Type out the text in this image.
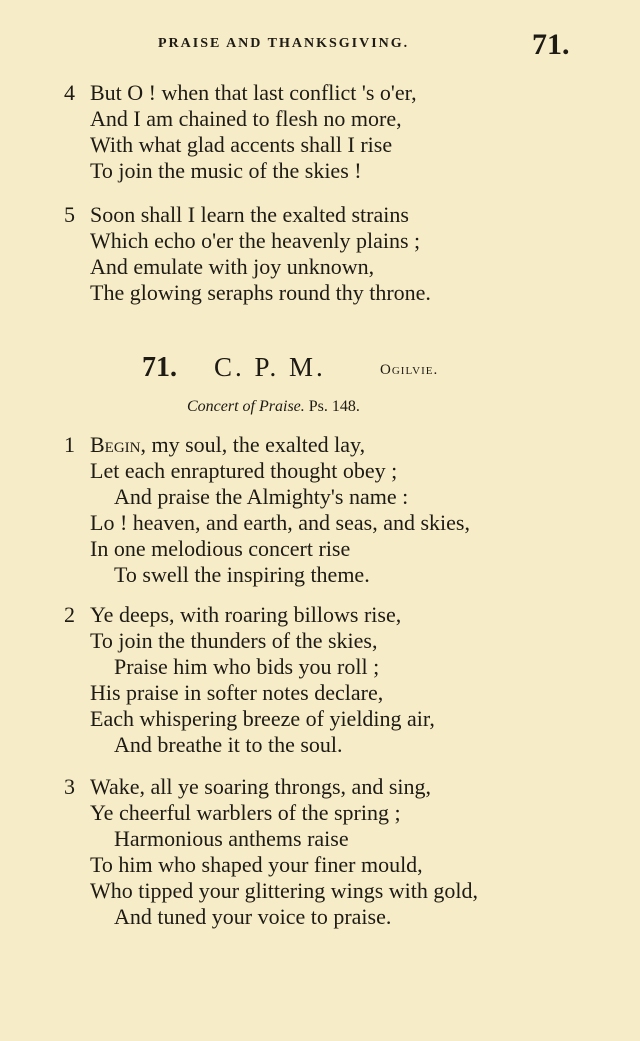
PRAISE AND THANKSGIVING.	71.
4 But O ! when that last conflict 's o'er,
And I am chained to flesh no more,
With what glad accents shall I rise
To join the music of the skies !
5 Soon shall I learn the exalted strains
Which echo o'er the heavenly plains ;
And emulate with joy unknown,
The glowing seraphs round thy throne.
71. C. P. M.	Ogilvie.
Concert of Praise. Ps. 148.
1 Begin, my soul, the exalted lay,
Let each enraptured thought obey ;
And praise the Almighty's name :
Lo ! heaven, and earth, and seas, and skies,
In one melodious concert rise
To swell the inspiring theme.
2 Ye deeps, with roaring billows rise,
To join the thunders of the skies,
Praise him who bids you roll ;
His praise in softer notes declare,
Each whispering breeze of yielding air,
And breathe it to the soul.
3 Wake, all ye soaring throngs, and sing,
Ye cheerful warblers of the spring ;
Harmonious anthems raise
To him who shaped your finer mould,
Who tipped your glittering wings with gold,
And tuned your voice to praise.
